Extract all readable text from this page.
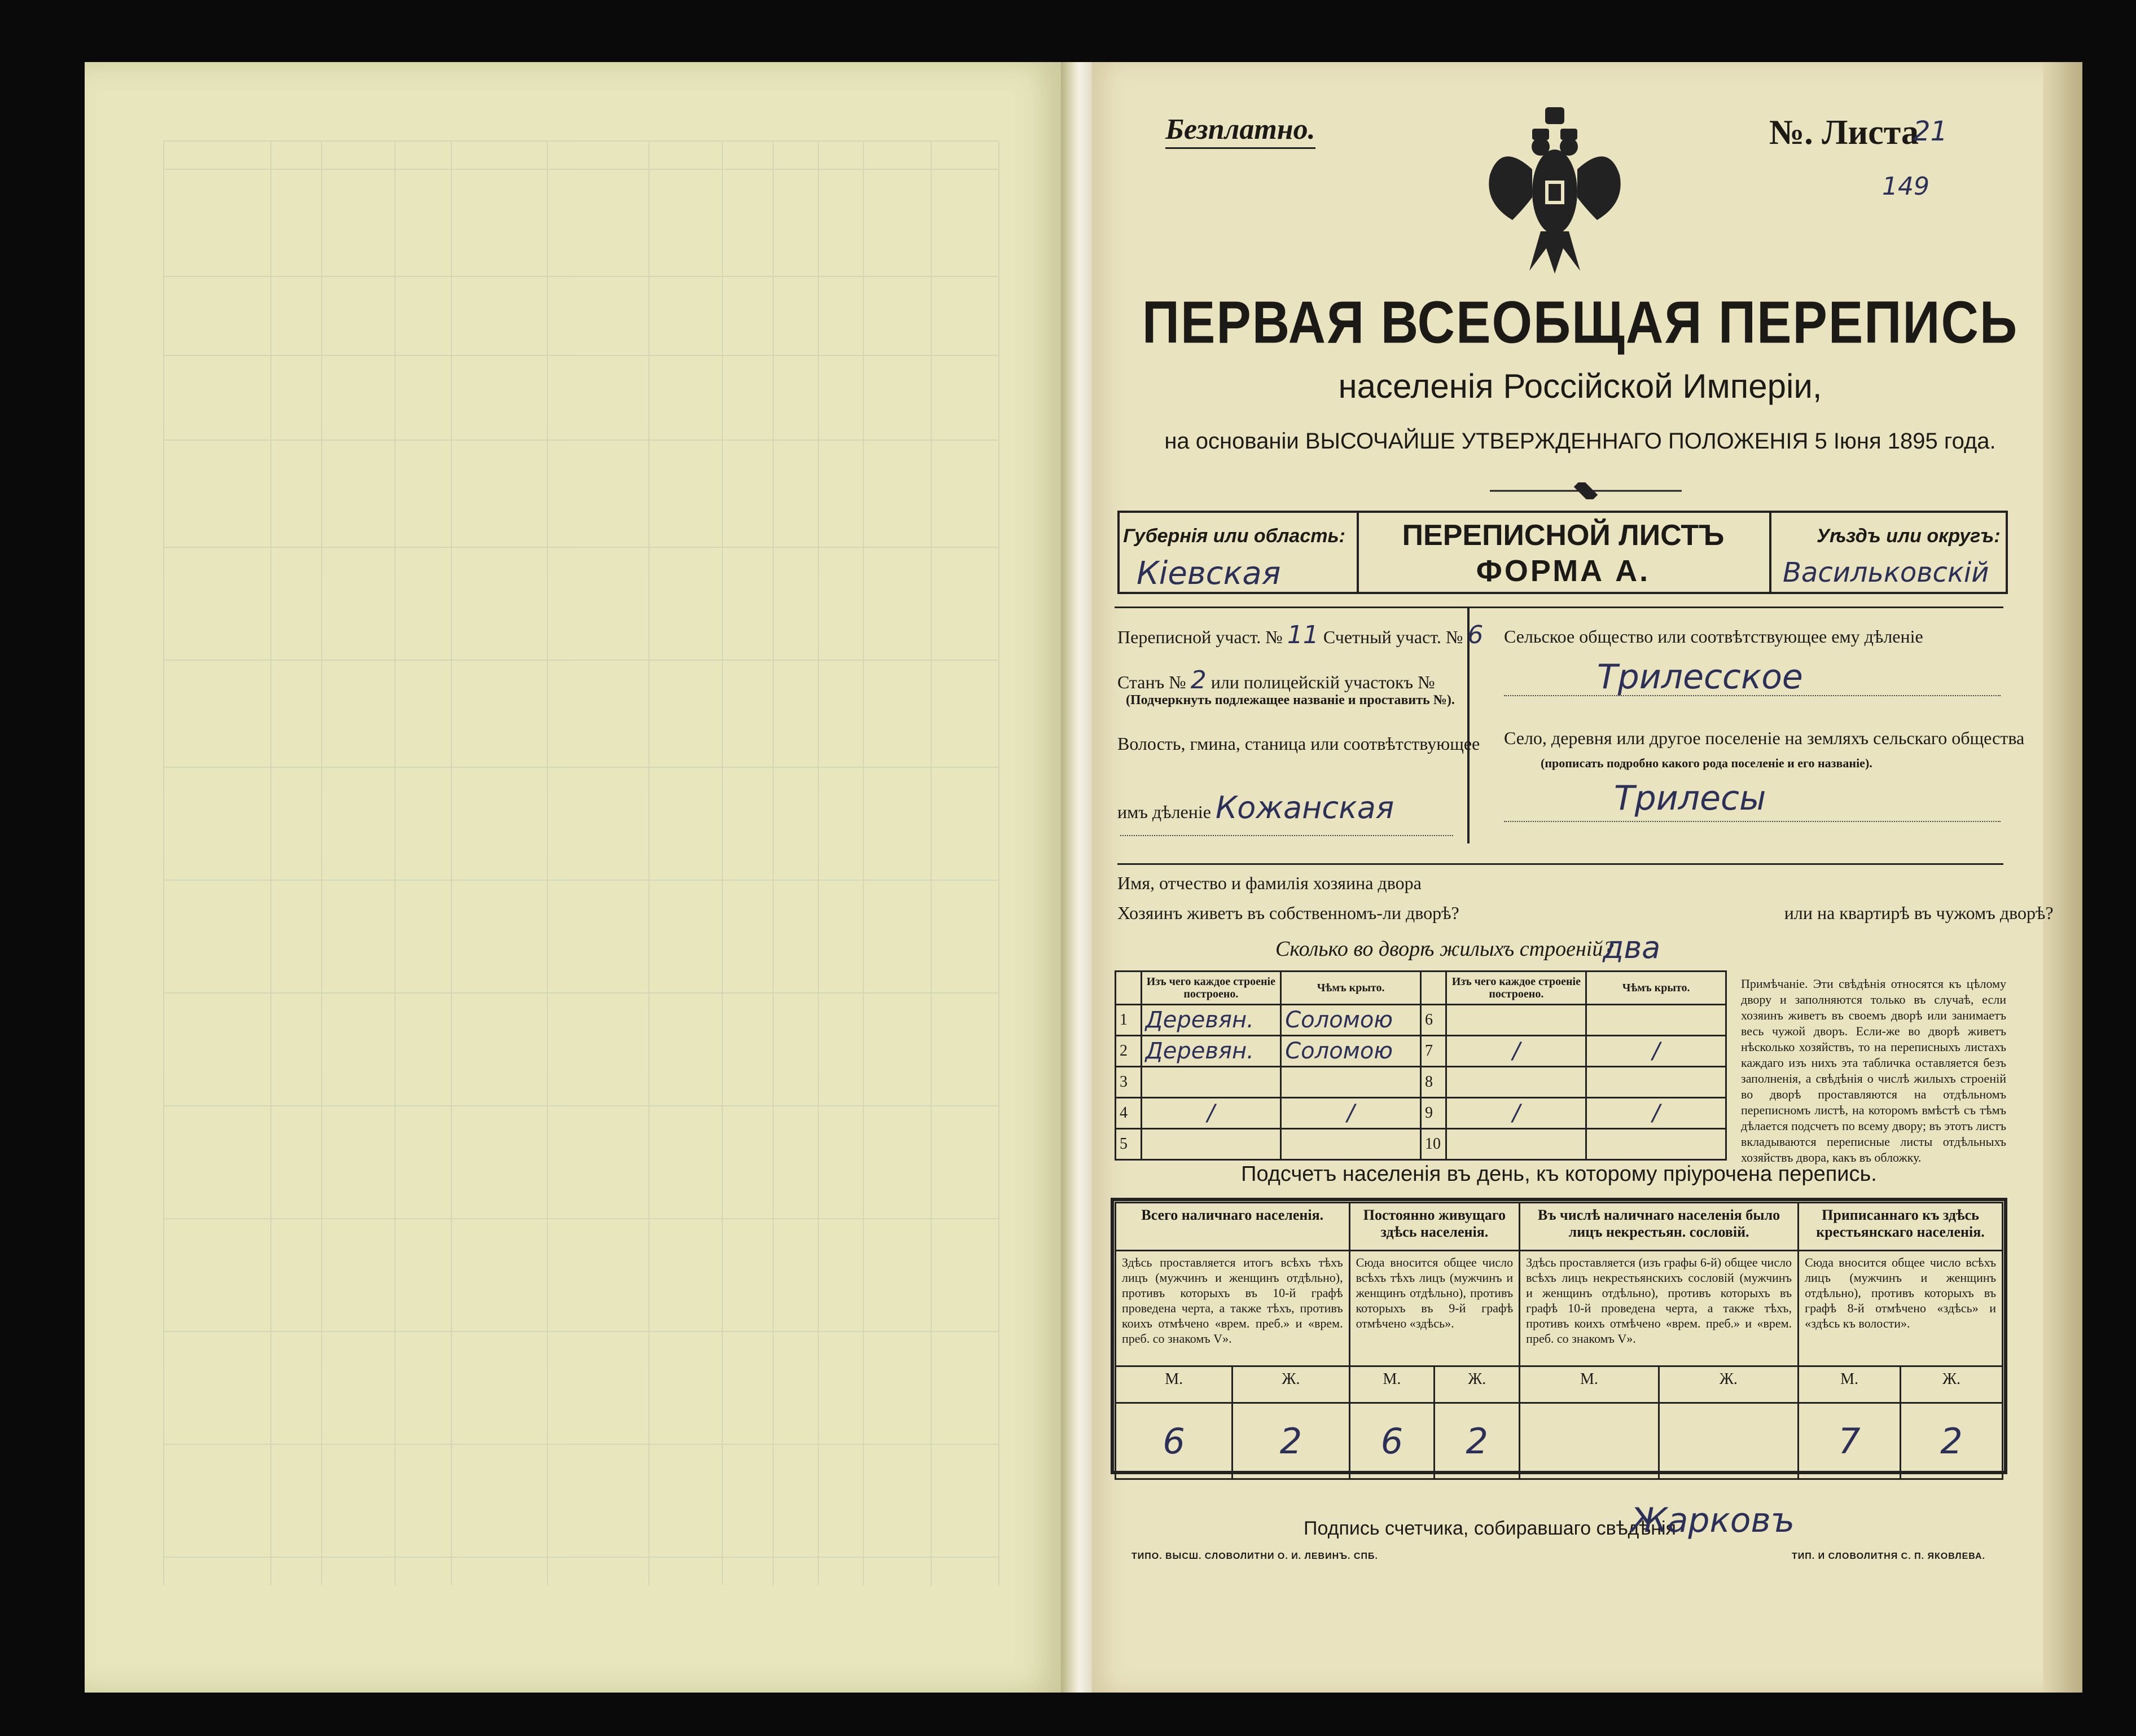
Безплатно.	№. Листа
21
149
ПЕРВАЯ ВСЕОБЩАЯ ПЕРЕПИСЬ
населенія Россійской Имперіи,
на основаніи ВЫСОЧАЙШЕ УТВЕРЖДЕННАГО ПОЛОЖЕНІЯ 5 Іюня 1895 года.
Губернія или область:
Кіевская
ПЕРЕПИСНОЙ ЛИСТЪ
ФОРМА А.
Уѣздъ или округъ:
Васильковскій
Переписной участ. № 11 Счетный участ. № 6
Станъ № 2 или полицейскій участокъ №
(Подчеркнуть подлежащее названіе и проставить №).
Волость, гмина, станица или соотвѣтствующее
имъ дѣленіе Кожанская
Сельское общество или соотвѣтствующее ему дѣленіе
Трилесское
Село, деревня или другое поселеніе на земляхъ сельскаго общества
(прописать подробно какого рода поселеніе и его названіе).
Трилесы
Имя, отчество и фамилія хозяина двора
Хозяинъ живетъ въ собственномъ-ли дворѣ?	или на квартирѣ въ чужомъ дворѣ?
Сколько во дворѣ жилыхъ строеній?
два
	Изъ чего каждое строеніе построено.	Чѣмъ крыто.		Изъ чего каждое строеніе построено.	Чѣмъ крыто.
1	Деревян.	Соломою	6		
2	Деревян.	Соломою	7	/	/
3			8		
4	/	/	9	/	/
5			10		
Примѣчаніе. Эти свѣдѣнія относятся къ цѣлому двору и заполняются только въ случаѣ, если хозяинъ живетъ въ своемъ дворѣ или занимаетъ весь чужой дворъ. Если-же во дворѣ живетъ нѣсколько хозяйствъ, то на переписныхъ листахъ каждаго изъ нихъ эта табличка оставляется безъ заполненія, а свѣдѣнія о числѣ жилыхъ строеній во дворѣ проставляются на отдѣльномъ переписномъ листѣ, на которомъ вмѣстѣ съ тѣмъ дѣлается подсчетъ по всему двору; въ этотъ листъ вкладываются переписные листы отдѣльныхъ хозяйствъ двора, какъ въ обложку.
Подсчетъ населенія въ день, къ которому пріурочена перепись.
Всего наличнаго населенія.		Постоянно живущаго здѣсь населенія.		Въ числѣ наличнаго населенія было лицъ некрестьян. сословій.		Приписаннаго къ здѣсь крестьянскаго населенія.	
Здѣсь проставляется итогъ всѣхъ тѣхъ лицъ (мужчинъ и женщинъ отдѣльно), противъ которыхъ въ 10-й графѣ проведена черта, а также тѣхъ, противъ коихъ отмѣчено «врем. преб.» и «врем. преб. со знакомъ V».		Сюда вносится общее число всѣхъ тѣхъ лицъ (мужчинъ и женщинъ отдѣльно), противъ которыхъ въ 9-й графѣ отмѣчено «здѣсь».		Здѣсь проставляется (изъ графы 6-й) общее число всѣхъ лицъ некрестьянскихъ сословій (мужчинъ и женщинъ отдѣльно), противъ которыхъ въ графѣ 10-й проведена черта, а также тѣхъ, противъ коихъ отмѣчено «врем. преб.» и «врем. преб. со знакомъ V».		Сюда вносится общее число всѣхъ лицъ (мужчинъ и женщинъ отдѣльно), противъ которыхъ въ графѣ 8-й отмѣчено «здѣсь» и «здѣсь къ волости».	
М.	Ж.	М.	Ж.	М.	Ж.	М.	Ж.
6	2	6	2			7	2
Подпись счетчика, собиравшаго свѣдѣнія
Жарковъ
ТИПО. ВЫСШ. СЛОВОЛИТНИ О. И. ЛЕВИНЪ. СПБ.	ТИП. И СЛОВОЛИТНЯ С. П. ЯКОВЛЕВА.
